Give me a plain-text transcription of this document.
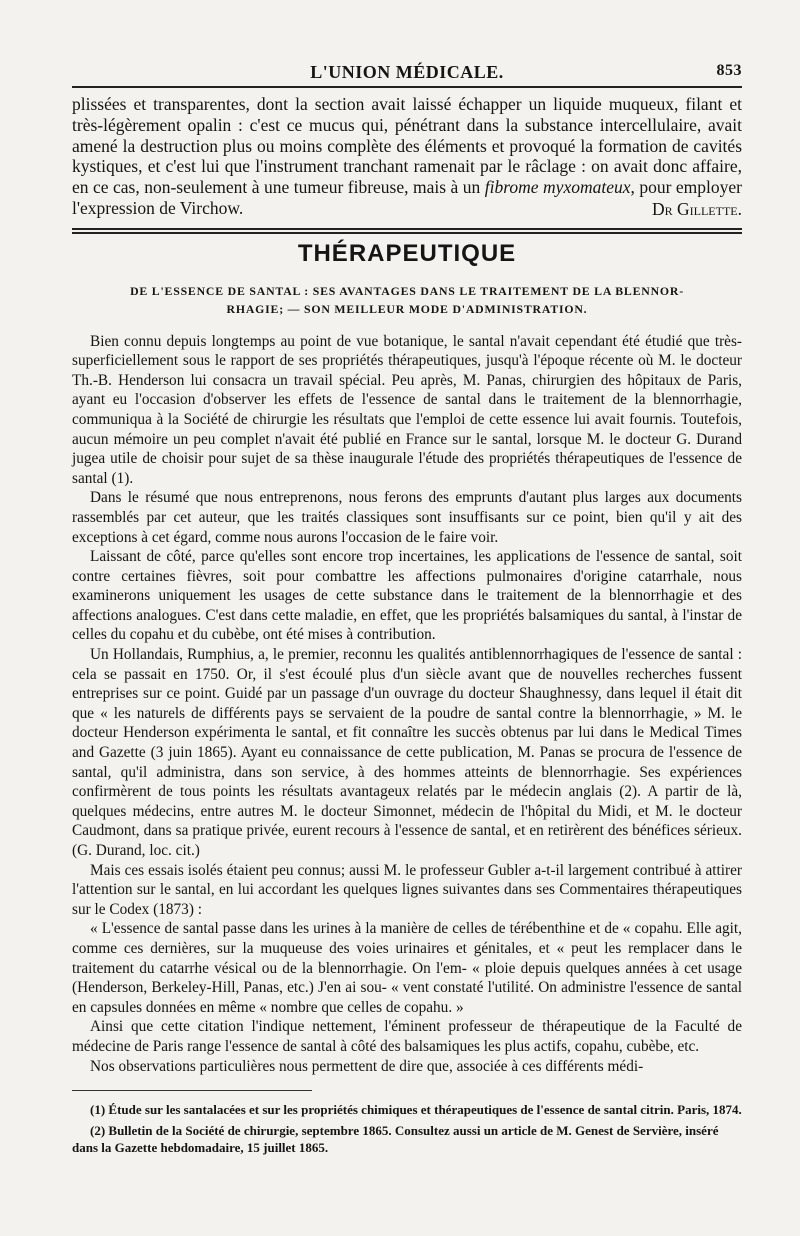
L'UNION MÉDICALE.	853

plissées et transparentes, dont la section avait laissé échapper un liquide muqueux, filant et très-légèrement opalin : c'est ce mucus qui, pénétrant dans la substance intercellulaire, avait amené la destruction plus ou moins complète des éléments et provoqué la formation de cavités kystiques, et c'est lui que l'instrument tranchant ramenait par le râclage : on avait donc affaire, en ce cas, non-seulement à une tumeur fibreuse, mais à un fibrome myxomateux, pour employer l'expression de Virchow.	Dr Gillette.

THÉRAPEUTIQUE
DE L'ESSENCE DE SANTAL : SES AVANTAGES DANS LE TRAITEMENT DE LA BLENNOR-
RHAGIE; — SON MEILLEUR MODE D'ADMINISTRATION.

Bien connu depuis longtemps au point de vue botanique, le santal n'avait cependant été étudié que très-superficiellement sous le rapport de ses propriétés thérapeutiques, jusqu'à l'époque récente où M. le docteur Th.-B. Henderson lui consacra un travail spécial. Peu après, M. Panas, chirurgien des hôpitaux de Paris, ayant eu l'occasion d'observer les effets de l'essence de santal dans le traitement de la blennorrhagie, communiqua à la Société de chirurgie les résultats que l'emploi de cette essence lui avait fournis. Toutefois, aucun mémoire un peu complet n'avait été publié en France sur le santal, lorsque M. le docteur G. Durand jugea utile de choisir pour sujet de sa thèse inaugurale l'étude des propriétés thérapeutiques de l'essence de santal (1).

Dans le résumé que nous entreprenons, nous ferons des emprunts d'autant plus larges aux documents rassemblés par cet auteur, que les traités classiques sont insuffisants sur ce point, bien qu'il y ait des exceptions à cet égard, comme nous aurons l'occasion de le faire voir.

Laissant de côté, parce qu'elles sont encore trop incertaines, les applications de l'essence de santal, soit contre certaines fièvres, soit pour combattre les affections pulmonaires d'origine catarrhale, nous examinerons uniquement les usages de cette substance dans le traitement de la blennorrhagie et des affections analogues. C'est dans cette maladie, en effet, que les propriétés balsamiques du santal, à l'instar de celles du copahu et du cubèbe, ont été mises à contribution.

Un Hollandais, Rumphius, a, le premier, reconnu les qualités antiblennorrhagiques de l'essence de santal : cela se passait en 1750. Or, il s'est écoulé plus d'un siècle avant que de nouvelles recherches fussent entreprises sur ce point. Guidé par un passage d'un ouvrage du docteur Shaughnessy, dans lequel il était dit que « les naturels de différents pays se servaient de la poudre de santal contre la blennorrhagie, » M. le docteur Henderson expérimenta le santal, et fit connaître les succès obtenus par lui dans le Medical Times and Gazette (3 juin 1865). Ayant eu connaissance de cette publication, M. Panas se procura de l'essence de santal, qu'il administra, dans son service, à des hommes atteints de blennorrhagie. Ses expériences confirmèrent de tous points les résultats avantageux relatés par le médecin anglais (2). A partir de là, quelques médecins, entre autres M. le docteur Simonnet, médecin de l'hôpital du Midi, et M. le docteur Caudmont, dans sa pratique privée, eurent recours à l'essence de santal, et en retirèrent des bénéfices sérieux. (G. Durand, loc. cit.)

Mais ces essais isolés étaient peu connus; aussi M. le professeur Gubler a-t-il largement contribué à attirer l'attention sur le santal, en lui accordant les quelques lignes suivantes dans ses Commentaires thérapeutiques sur le Codex (1873) :

« L'essence de santal passe dans les urines à la manière de celles de térébenthine et de « copahu. Elle agit, comme ces dernières, sur la muqueuse des voies urinaires et génitales, et « peut les remplacer dans le traitement du catarrhe vésical ou de la blennorrhagie. On l'em- « ploie depuis quelques années à cet usage (Henderson, Berkeley-Hill, Panas, etc.) J'en ai sou- « vent constaté l'utilité. On administre l'essence de santal en capsules données en même « nombre que celles de copahu. »

Ainsi que cette citation l'indique nettement, l'éminent professeur de thérapeutique de la Faculté de médecine de Paris range l'essence de santal à côté des balsamiques les plus actifs, copahu, cubèbe, etc.

Nos observations particulières nous permettent de dire que, associée à ces différents médi-

(1) Étude sur les santalacées et sur les propriétés chimiques et thérapeutiques de l'essence de santal citrin. Paris, 1874.

(2) Bulletin de la Société de chirurgie, septembre 1865. Consultez aussi un article de M. Genest de Servière, inséré dans la Gazette hebdomadaire, 15 juillet 1865.
